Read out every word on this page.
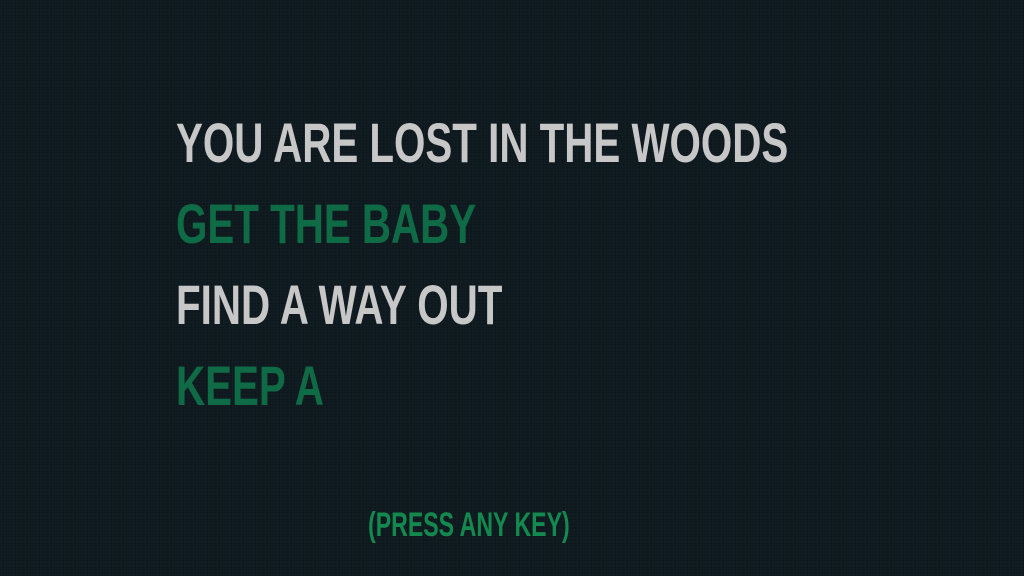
YOU ARE LOST IN THE WOODS

GET THE BABY

FIND A WAY OUT

KEEP A

(PRESS ANY KEY)
